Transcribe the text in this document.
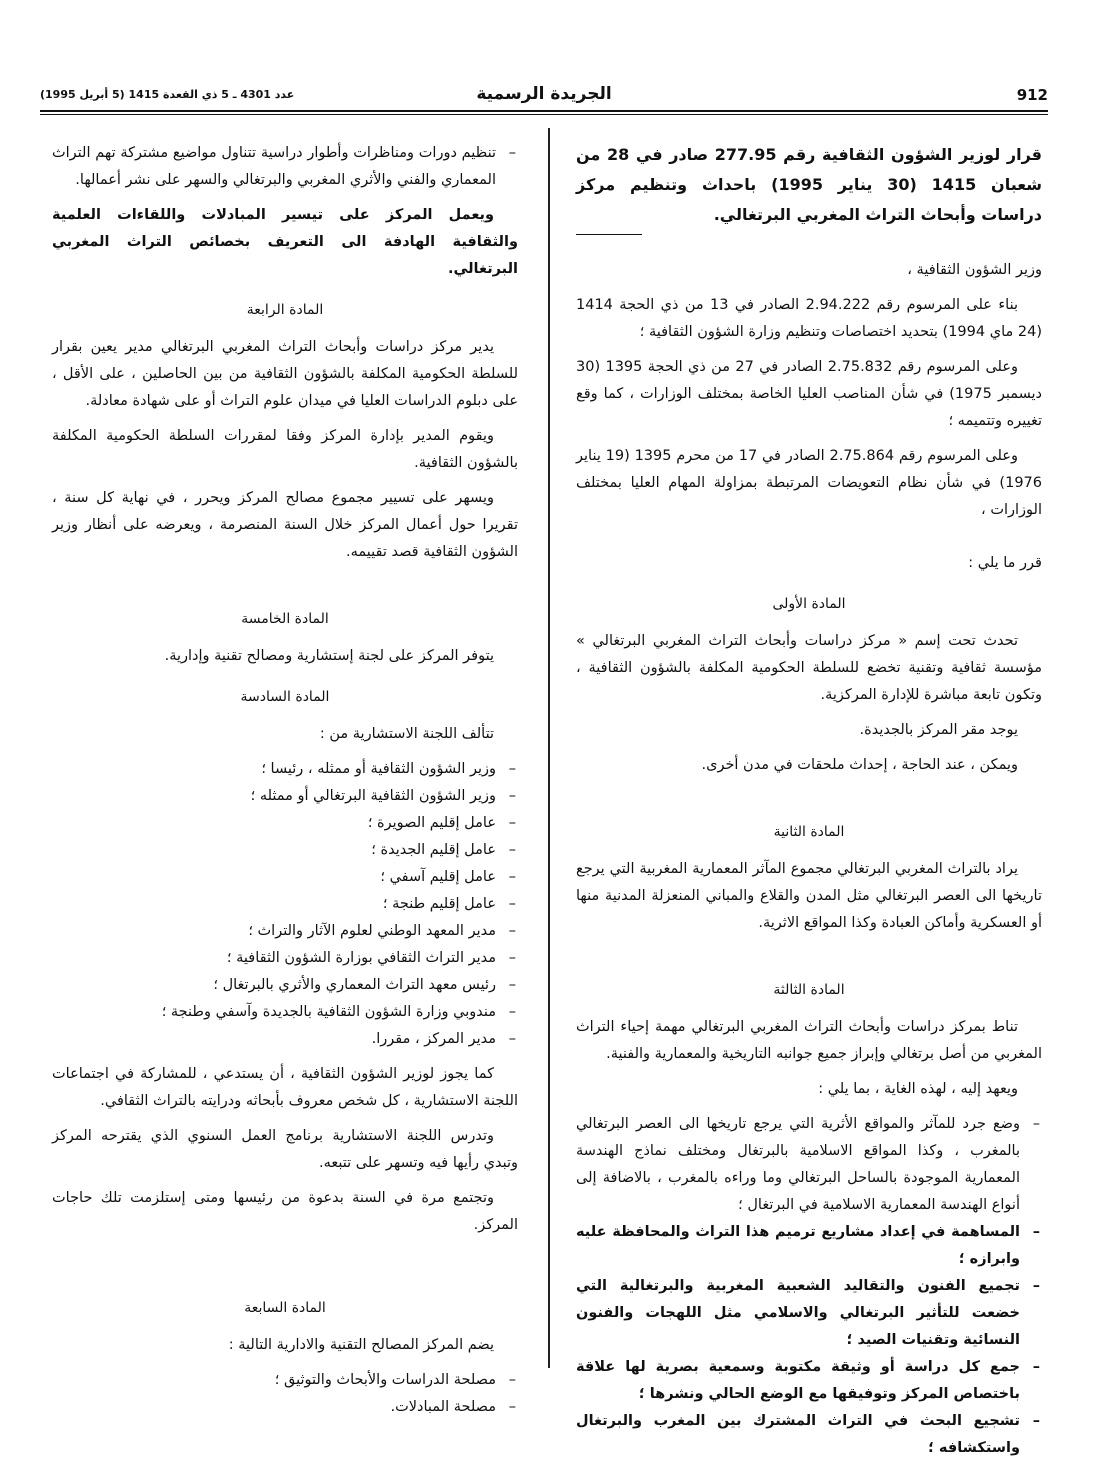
912
الجريدة الرسمية
عدد 4301 ـ 5 ذي القعدة 1415 (5 أبريل 1995)

قرار لوزير الشؤون الثقافية رقم 277.95 صادر في 28 من شعبان 1415 (30 يناير 1995) باحداث وتنظيم مركز دراسات وأبحاث التراث المغربي البرتغالي.

وزير الشؤون الثقافية ،

بناء على المرسوم رقم 2.94.222 الصادر في 13 من ذي الحجة 1414 (24 ماي 1994) بتحديد اختصاصات وتنظيم وزارة الشؤون الثقافية ؛

وعلى المرسوم رقم 2.75.832 الصادر في 27 من ذي الحجة 1395 (30 ديسمبر 1975) في شأن المناصب العليا الخاصة بمختلف الوزارات ، كما وقع تغييره وتتميمه ؛

وعلى المرسوم رقم 2.75.864 الصادر في 17 من محرم 1395 (19 يناير 1976) في شأن نظام التعويضات المرتبطة بمزاولة المهام العليا بمختلف الوزارات ،

قرر ما يلي :

المادة الأولى

تحدث تحت إسم « مركز دراسات وأبحاث التراث المغربي البرتغالي » مؤسسة ثقافية وتقنية تخضع للسلطة الحكومية المكلفة بالشؤون الثقافية ، وتكون تابعة مباشرة للإدارة المركزية.

يوجد مقر المركز بالجديدة.

ويمكن ، عند الحاجة ، إحداث ملحقات في مدن أخرى.

المادة الثانية

يراد بالتراث المغربي البرتغالي مجموع المآثر المعمارية المغربية التي يرجع تاريخها الى العصر البرتغالي مثل المدن والقلاع والمباني المنعزلة المدنية منها أو العسكرية وأماكن العبادة وكذا المواقع الاثرية.

المادة الثالثة

تناط بمركز دراسات وأبحاث التراث المغربي البرتغالي مهمة إحياء التراث المغربي من أصل برتغالي وإبراز جميع جوانبه التاريخية والمعمارية والفنية.

ويعهد إليه ، لهذه الغاية ، بما يلي :

– وضع جرد للمآثر والمواقع الأثرية التي يرجع تاريخها الى العصر البرتغالي بالمغرب ، وكذا المواقع الاسلامية بالبرتغال ومختلف نماذج الهندسة المعمارية الموجودة بالساحل البرتغالي وما وراءه بالمغرب ، بالاضافة إلى أنواع الهندسة المعمارية الاسلامية في البرتغال ؛
– المساهمة في إعداد مشاريع ترميم هذا التراث والمحافظة عليه وابرازه ؛
– تجميع الفنون والتقاليد الشعبية المغربية والبرتغالية التي خضعت للتأثير البرتغالي والاسلامي مثل اللهجات والفنون النسائية وتقنيات الصيد ؛
– جمع كل دراسة أو وثيقة مكتوبة وسمعية بصرية لها علاقة باختصاص المركز وتوفيقها مع الوضع الحالي ونشرها ؛
– تشجيع البحث في التراث المشترك بين المغرب والبرتغال واستكشافه ؛
– تنظيم دورات ومناظرات وأطوار دراسية تتناول مواضيع مشتركة تهم التراث المعماري والفني والأثري المغربي والبرتغالي والسهر على نشر أعمالها.

ويعمل المركز على تيسير المبادلات واللقاءات العلمية والثقافية الهادفة الى التعريف بخصائص التراث المغربي البرتغالي.

المادة الرابعة

يدير مركز دراسات وأبحاث التراث المغربي البرتغالي مدير يعين بقرار للسلطة الحكومية المكلفة بالشؤون الثقافية من بين الحاصلين ، على الأقل ، على دبلوم الدراسات العليا في ميدان علوم التراث أو على شهادة معادلة.

ويقوم المدير بإدارة المركز وفقا لمقررات السلطة الحكومية المكلفة بالشؤون الثقافية.

ويسهر على تسيير مجموع مصالح المركز ويحرر ، في نهاية كل سنة ، تقريرا حول أعمال المركز خلال السنة المنصرمة ، ويعرضه على أنظار وزير الشؤون الثقافية قصد تقييمه.

المادة الخامسة

يتوفر المركز على لجنة إستشارية ومصالح تقنية وإدارية.

المادة السادسة

تتألف اللجنة الاستشارية من :

– وزير الشؤون الثقافية أو ممثله ، رئيسا ؛
– وزير الشؤون الثقافية البرتغالي أو ممثله ؛
– عامل إقليم الصويرة ؛
– عامل إقليم الجديدة ؛
– عامل إقليم آسفي ؛
– عامل إقليم طنجة ؛
– مدير المعهد الوطني لعلوم الآثار والتراث ؛
– مدير التراث الثقافي بوزارة الشؤون الثقافية ؛
– رئيس معهد التراث المعماري والأثري بالبرتغال ؛
– مندوبي وزارة الشؤون الثقافية بالجديدة وآسفي وطنجة ؛
– مدير المركز ، مقررا.

كما يجوز لوزير الشؤون الثقافية ، أن يستدعي ، للمشاركة في اجتماعات اللجنة الاستشارية ، كل شخص معروف بأبحاثه ودرايته بالتراث الثقافي.

وتدرس اللجنة الاستشارية برنامج العمل السنوي الذي يقترحه المركز وتبدي رأيها فيه وتسهر على تتبعه.

وتجتمع مرة في السنة بدعوة من رئيسها ومتى إستلزمت تلك حاجات المركز.

المادة السابعة

يضم المركز المصالح التقنية والادارية التالية :

– مصلحة الدراسات والأبحاث والتوثيق ؛
– مصلحة المبادلات.
